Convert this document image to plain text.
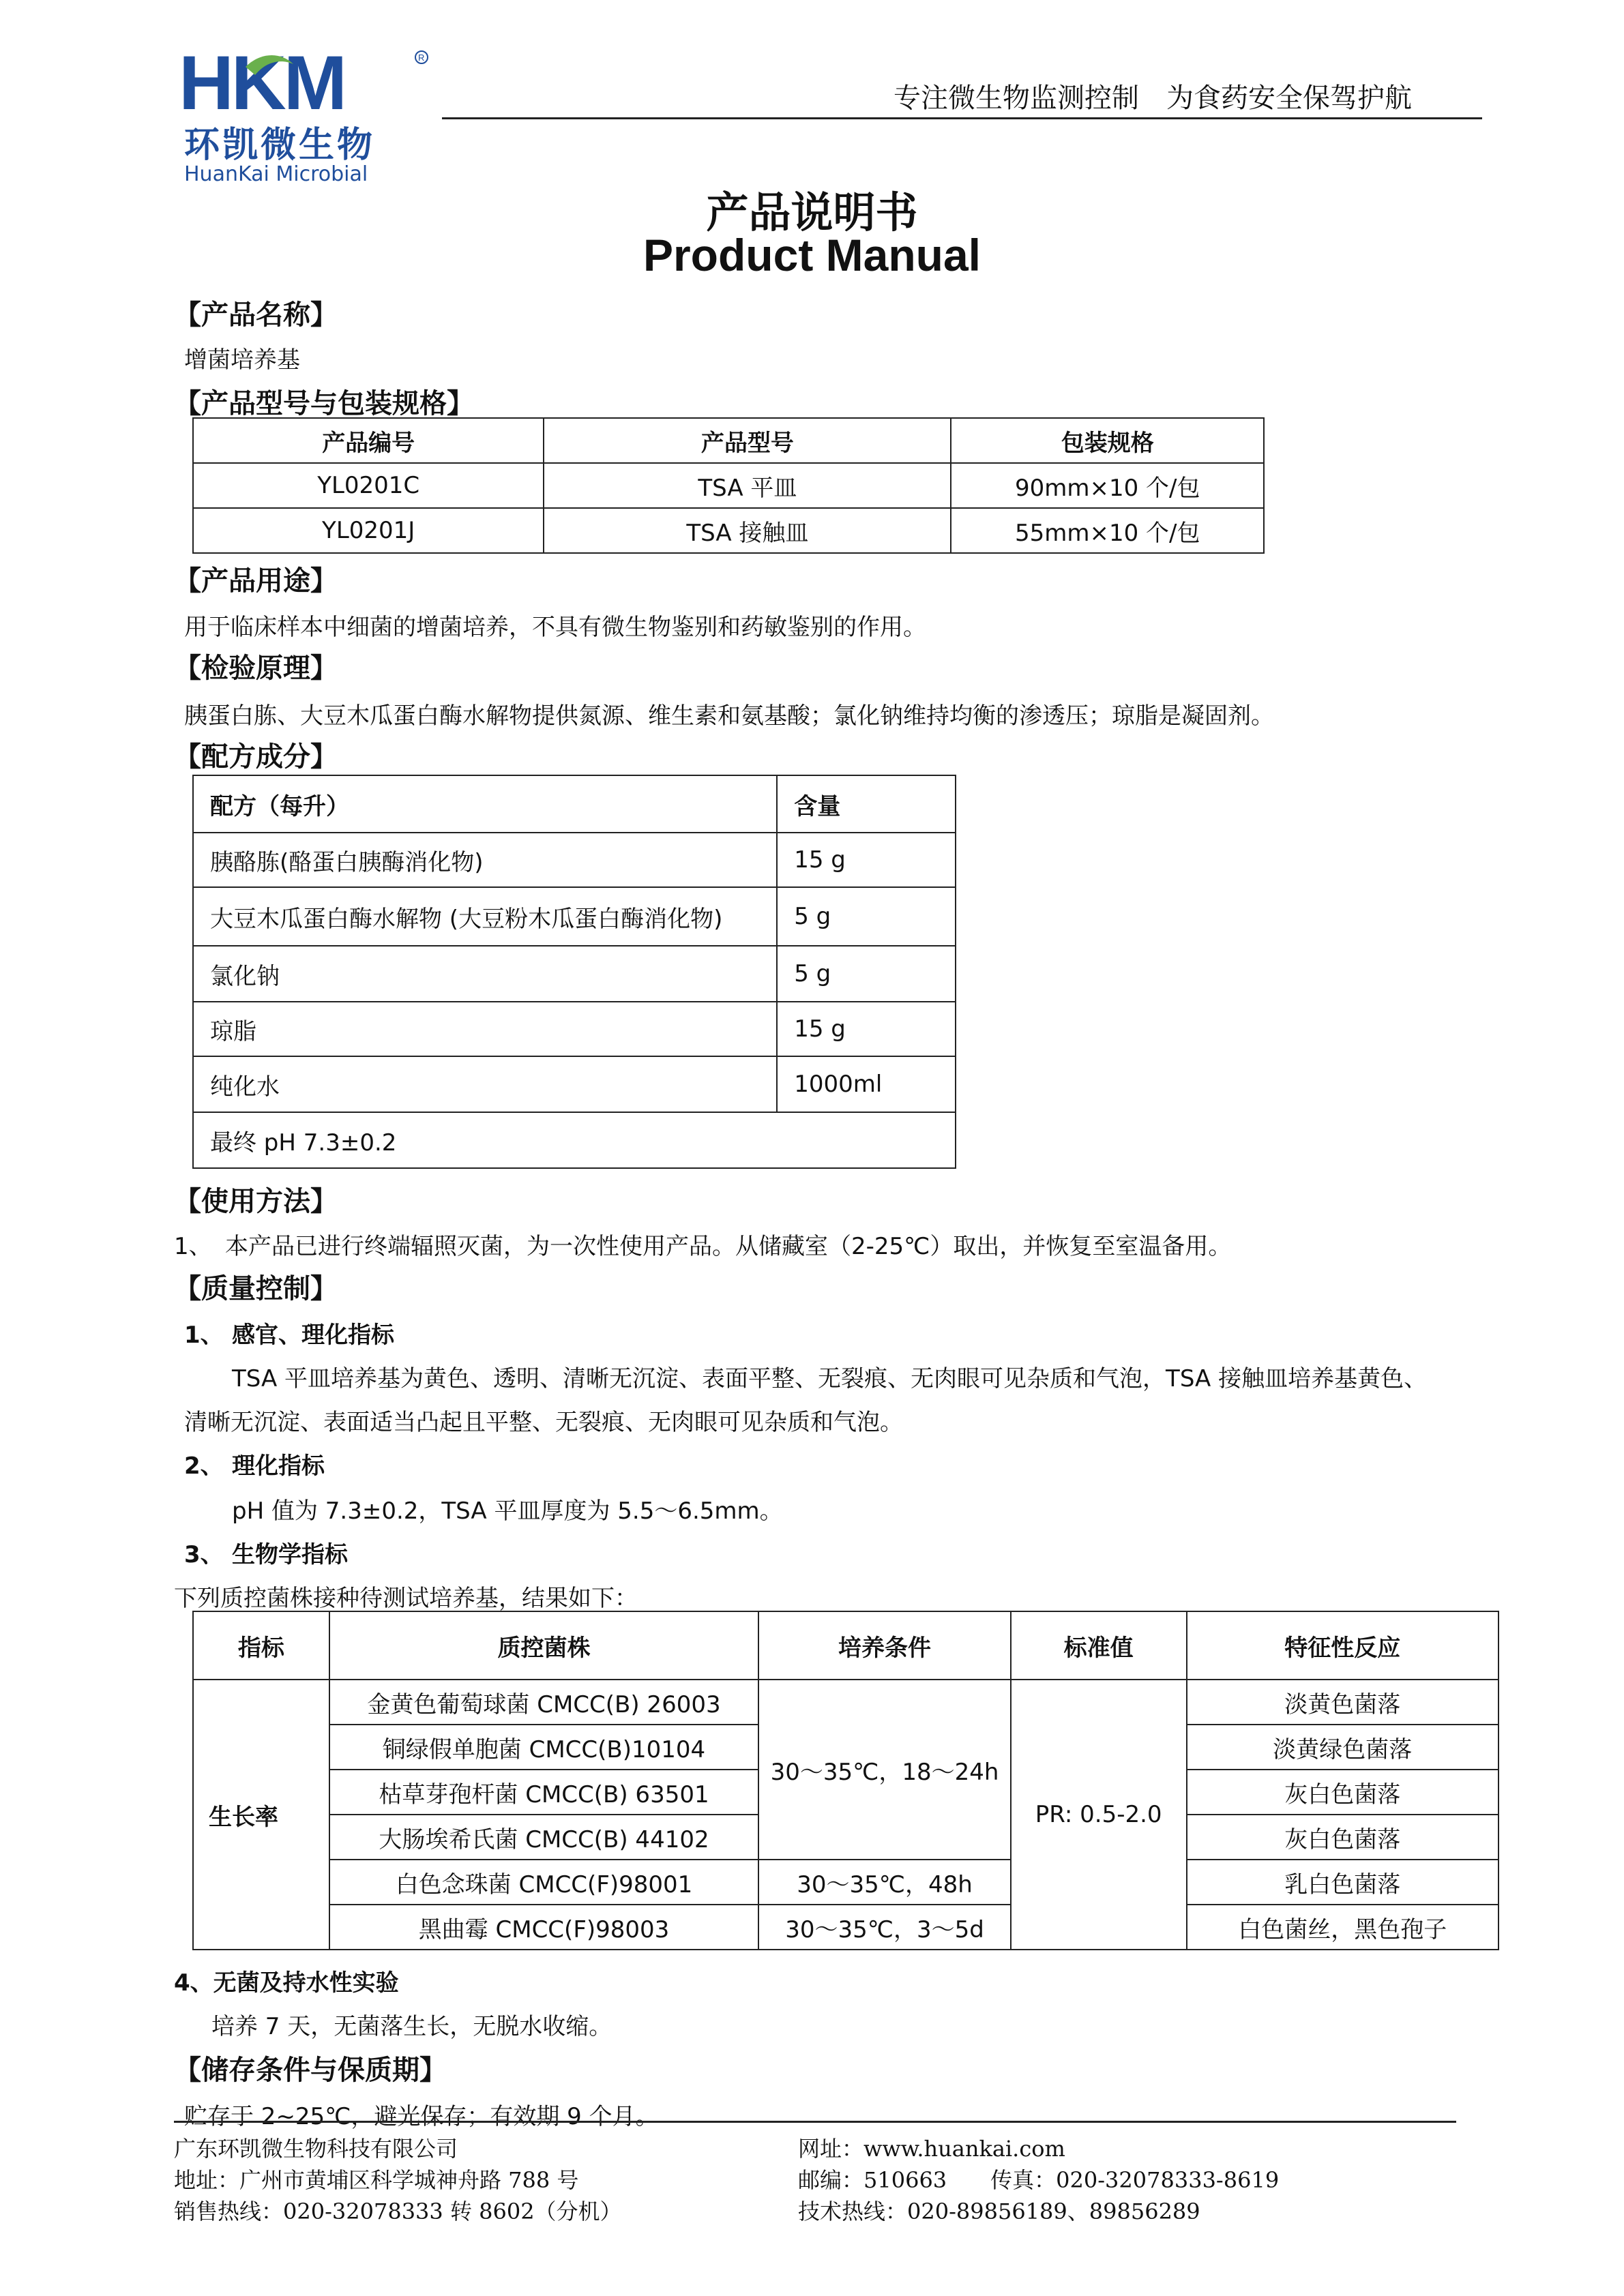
HKM	R
环凯微生物
HuanKai Microbial
专注微生物监测控制　为食药安全保驾护航
产品说明书
Product Manual
【产品名称】
增菌培养基
【产品型号与包装规格】
产品编号	产品型号	包装规格
YL0201C	TSA 平皿	90mm×10 个/包
YL0201J	TSA 接触皿	55mm×10 个/包
【产品用途】
用于临床样本中细菌的增菌培养，不具有微生物鉴别和药敏鉴别的作用。
【检验原理】
胰蛋白胨、大豆木瓜蛋白酶水解物提供氮源、维生素和氨基酸；氯化钠维持均衡的渗透压；琼脂是凝固剂。
【配方成分】
配方（每升）	含量
胰酪胨(酪蛋白胰酶消化物)	15 g
大豆木瓜蛋白酶水解物 (大豆粉木瓜蛋白酶消化物)	5 g
氯化钠	5 g
琼脂	15 g
纯化水	1000ml
最终 pH 7.3±0.2	
【使用方法】
1、 本产品已进行终端辐照灭菌，为一次性使用产品。从储藏室（2-25℃）取出，并恢复至室温备用。
【质量控制】
1、 感官、理化指标
TSA 平皿培养基为黄色、透明、清晰无沉淀、表面平整、无裂痕、无肉眼可见杂质和气泡，TSA 接触皿培养基黄色、
清晰无沉淀、表面适当凸起且平整、无裂痕、无肉眼可见杂质和气泡。
2、 理化指标
pH 值为 7.3±0.2，TSA 平皿厚度为 5.5～6.5mm。
3、 生物学指标
下列质控菌株接种待测试培养基，结果如下：
指标	质控菌株	培养条件	标准值	特征性反应
生长率	金黄色葡萄球菌 CMCC(B) 26003	30～35℃，18～24h	PR: 0.5-2.0	淡黄色菌落
	铜绿假单胞菌 CMCC(B)10104			淡黄绿色菌落
	枯草芽孢杆菌 CMCC(B) 63501			灰白色菌落
	大肠埃希氏菌 CMCC(B) 44102			灰白色菌落
	白色念珠菌 CMCC(F)98001	30～35℃，48h		乳白色菌落
	黑曲霉 CMCC(F)98003	30～35℃，3～5d		白色菌丝，黑色孢子
4、无菌及持水性实验
培养 7 天，无菌落生长，无脱水收缩。
【储存条件与保质期】
贮存于 2~25℃，避光保存；有效期 9 个月。
广东环凯微生物科技有限公司
地址：广州市黄埔区科学城神舟路 788 号
销售热线：020-32078333 转 8602（分机）
网址：www.huankai.com
邮编：510663　　传真：020-32078333-8619
技术热线：020-89856189、89856289
